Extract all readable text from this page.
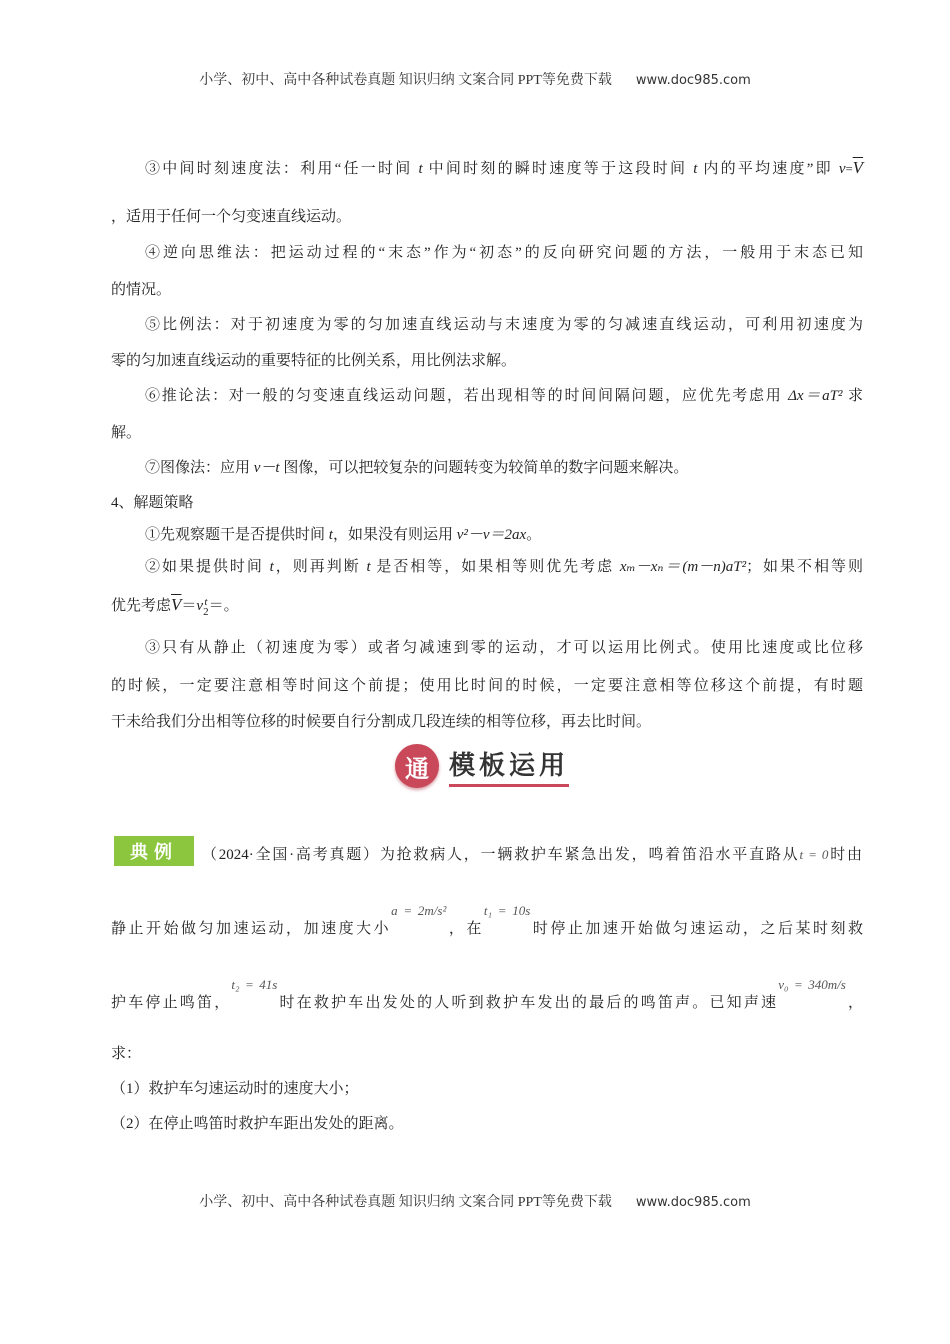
小学、初中、高中各种试卷真题 知识归纳 文案合同 PPT等免费下载 www.doc985.com
③中间时刻速度法：利用“任一时间 t 中间时刻的瞬时速度等于这段时间 t 内的平均速度”即 $v=\overline{V}$
，适用于任何一个匀变速直线运动。
④逆向思维法：把运动过程的“末态”作为“初态”的反向研究问题的方法，一般用于末态已知
的情况。
⑤比例法：对于初速度为零的匀加速直线运动与末速度为零的匀减速直线运动，可利用初速度为
零的匀加速直线运动的重要特征的比例关系，用比例法求解。
⑥推论法：对一般的匀变速直线运动问题，若出现相等的时间间隔问题，应优先考虑用 Δx＝aT² 求
解。
⑦图像法：应用 v－t 图像，可以把较复杂的问题转变为较简单的数字问题来解决。
4、解题策略
①先观察题干是否提供时间 t，如果没有则运用 v²－v＝2ax。
②如果提供时间 t，则再判断 t 是否相等，如果相等则优先考虑 xₘ－xₙ＝(m－n)aT²；如果不相等则
优先考虑$\overline{V}=vt$
2＝。
③只有从静止（初速度为零）或者匀减速到零的运动，才可以运用比例式。使用比速度或比位移
的时候，一定要注意相等时间这个前提；使用比时间的时候，一定要注意相等位移这个前提，有时题
干未给我们分出相等位移的时候要自行分割成几段连续的相等位移，再去比时间。
通 模板运用
典例	（2024·全国·高考真题）为抢救病人，一辆救护车紧急出发，鸣着笛沿水平直路从t = 0时由
静止开始做匀加速运动，加速度大小a = 2m/s²，在t₁ = 10s时停止加速开始做匀速运动，之后某时刻救
护车停止鸣笛，t₂ = 41s时在救护车出发处的人听到救护车发出的最后的鸣笛声。已知声速v₀ = 340m/s，
求：
（1）救护车匀速运动时的速度大小；
（2）在停止鸣笛时救护车距出发处的距离。
小学、初中、高中各种试卷真题 知识归纳 文案合同 PPT等免费下载 www.doc985.com
